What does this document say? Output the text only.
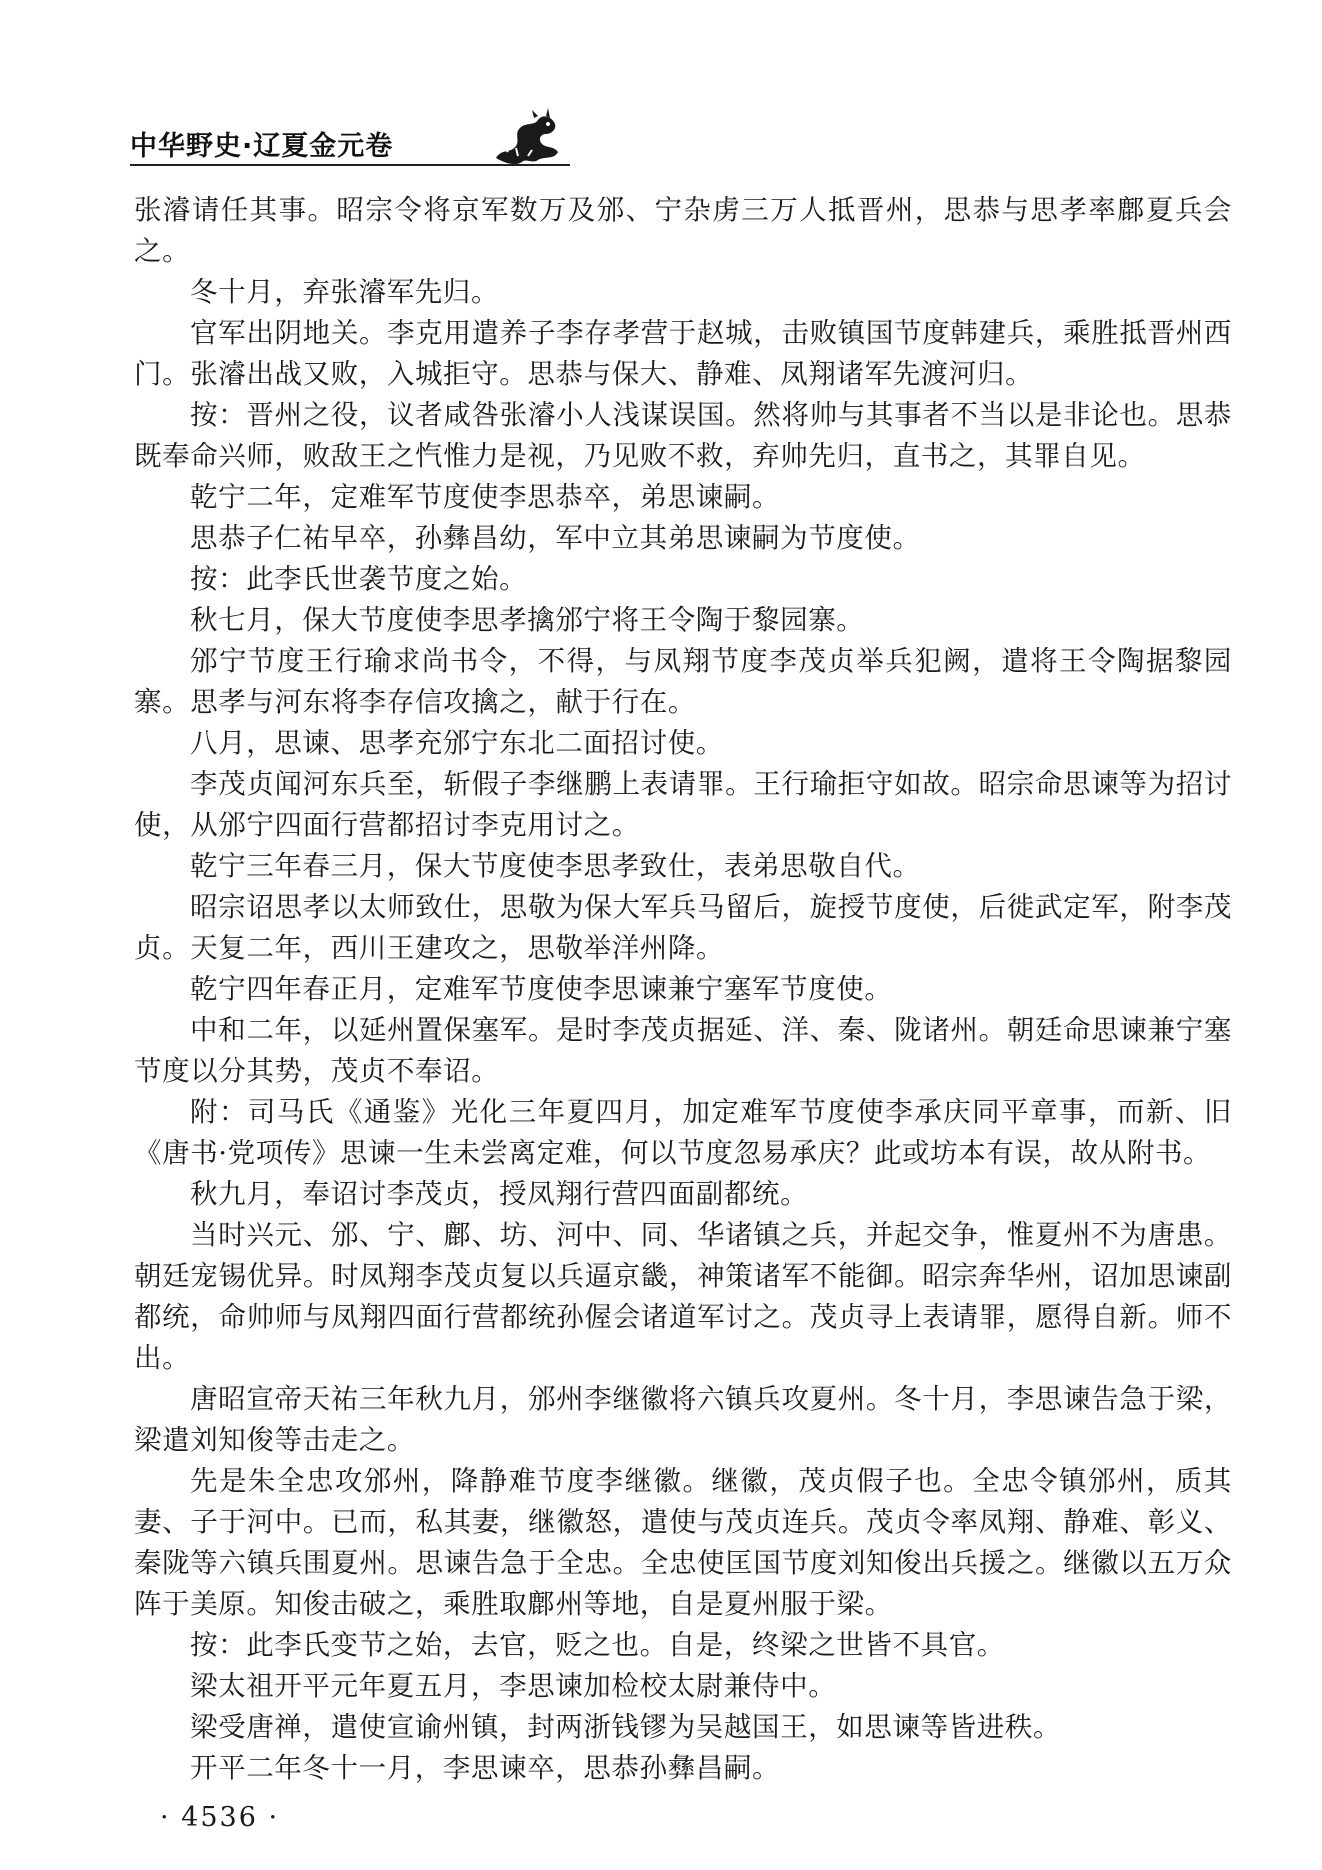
中华野史·辽夏金元卷

张濬请任其事。昭宗令将京军数万及邠、宁杂虏三万人抵晋州，思恭与思孝率鄜夏兵会之。

冬十月，弃张濬军先归。

官军出阴地关。李克用遣养子李存孝营于赵城，击败镇国节度韩建兵，乘胜抵晋州西门。张濬出战又败，入城拒守。思恭与保大、静难、凤翔诸军先渡河归。

按：晋州之役，议者咸咎张濬小人浅谋误国。然将帅与其事者不当以是非论也。思恭既奉命兴师，败敌王之忾惟力是视，乃见败不救，弃帅先归，直书之，其罪自见。

乾宁二年，定难军节度使李思恭卒，弟思谏嗣。

思恭子仁祐早卒，孙彝昌幼，军中立其弟思谏嗣为节度使。

按：此李氏世袭节度之始。

秋七月，保大节度使李思孝擒邠宁将王令陶于黎园寨。

邠宁节度王行瑜求尚书令，不得，与凤翔节度李茂贞举兵犯阙，遣将王令陶据黎园寨。思孝与河东将李存信攻擒之，献于行在。

八月，思谏、思孝充邠宁东北二面招讨使。

李茂贞闻河东兵至，斩假子李继鹏上表请罪。王行瑜拒守如故。昭宗命思谏等为招讨使，从邠宁四面行营都招讨李克用讨之。

乾宁三年春三月，保大节度使李思孝致仕，表弟思敬自代。

昭宗诏思孝以太师致仕，思敬为保大军兵马留后，旋授节度使，后徙武定军，附李茂贞。天复二年，西川王建攻之，思敬举洋州降。

乾宁四年春正月，定难军节度使李思谏兼宁塞军节度使。

中和二年，以延州置保塞军。是时李茂贞据延、洋、秦、陇诸州。朝廷命思谏兼宁塞节度以分其势，茂贞不奉诏。

附：司马氏《通鉴》光化三年夏四月，加定难军节度使李承庆同平章事，而新、旧《唐书·党项传》思谏一生未尝离定难，何以节度忽易承庆？此或坊本有误，故从附书。

秋九月，奉诏讨李茂贞，授凤翔行营四面副都统。

当时兴元、邠、宁、鄜、坊、河中、同、华诸镇之兵，并起交争，惟夏州不为唐患。朝廷宠锡优异。时凤翔李茂贞复以兵逼京畿，神策诸军不能御。昭宗奔华州，诏加思谏副都统，命帅师与凤翔四面行营都统孙偓会诸道军讨之。茂贞寻上表请罪，愿得自新。师不出。

唐昭宣帝天祐三年秋九月，邠州李继徽将六镇兵攻夏州。冬十月，李思谏告急于梁，梁遣刘知俊等击走之。

先是朱全忠攻邠州，降静难节度李继徽。继徽，茂贞假子也。全忠令镇邠州，质其妻、子于河中。已而，私其妻，继徽怒，遣使与茂贞连兵。茂贞令率凤翔、静难、彰义、秦陇等六镇兵围夏州。思谏告急于全忠。全忠使匡国节度刘知俊出兵援之。继徽以五万众阵于美原。知俊击破之，乘胜取鄜州等地，自是夏州服于梁。

按：此李氏变节之始，去官，贬之也。自是，终梁之世皆不具官。

梁太祖开平元年夏五月，李思谏加检校太尉兼侍中。

梁受唐禅，遣使宣谕州镇，封两浙钱镠为吴越国王，如思谏等皆进秩。

开平二年冬十一月，李思谏卒，思恭孙彝昌嗣。

· 4536 ·
